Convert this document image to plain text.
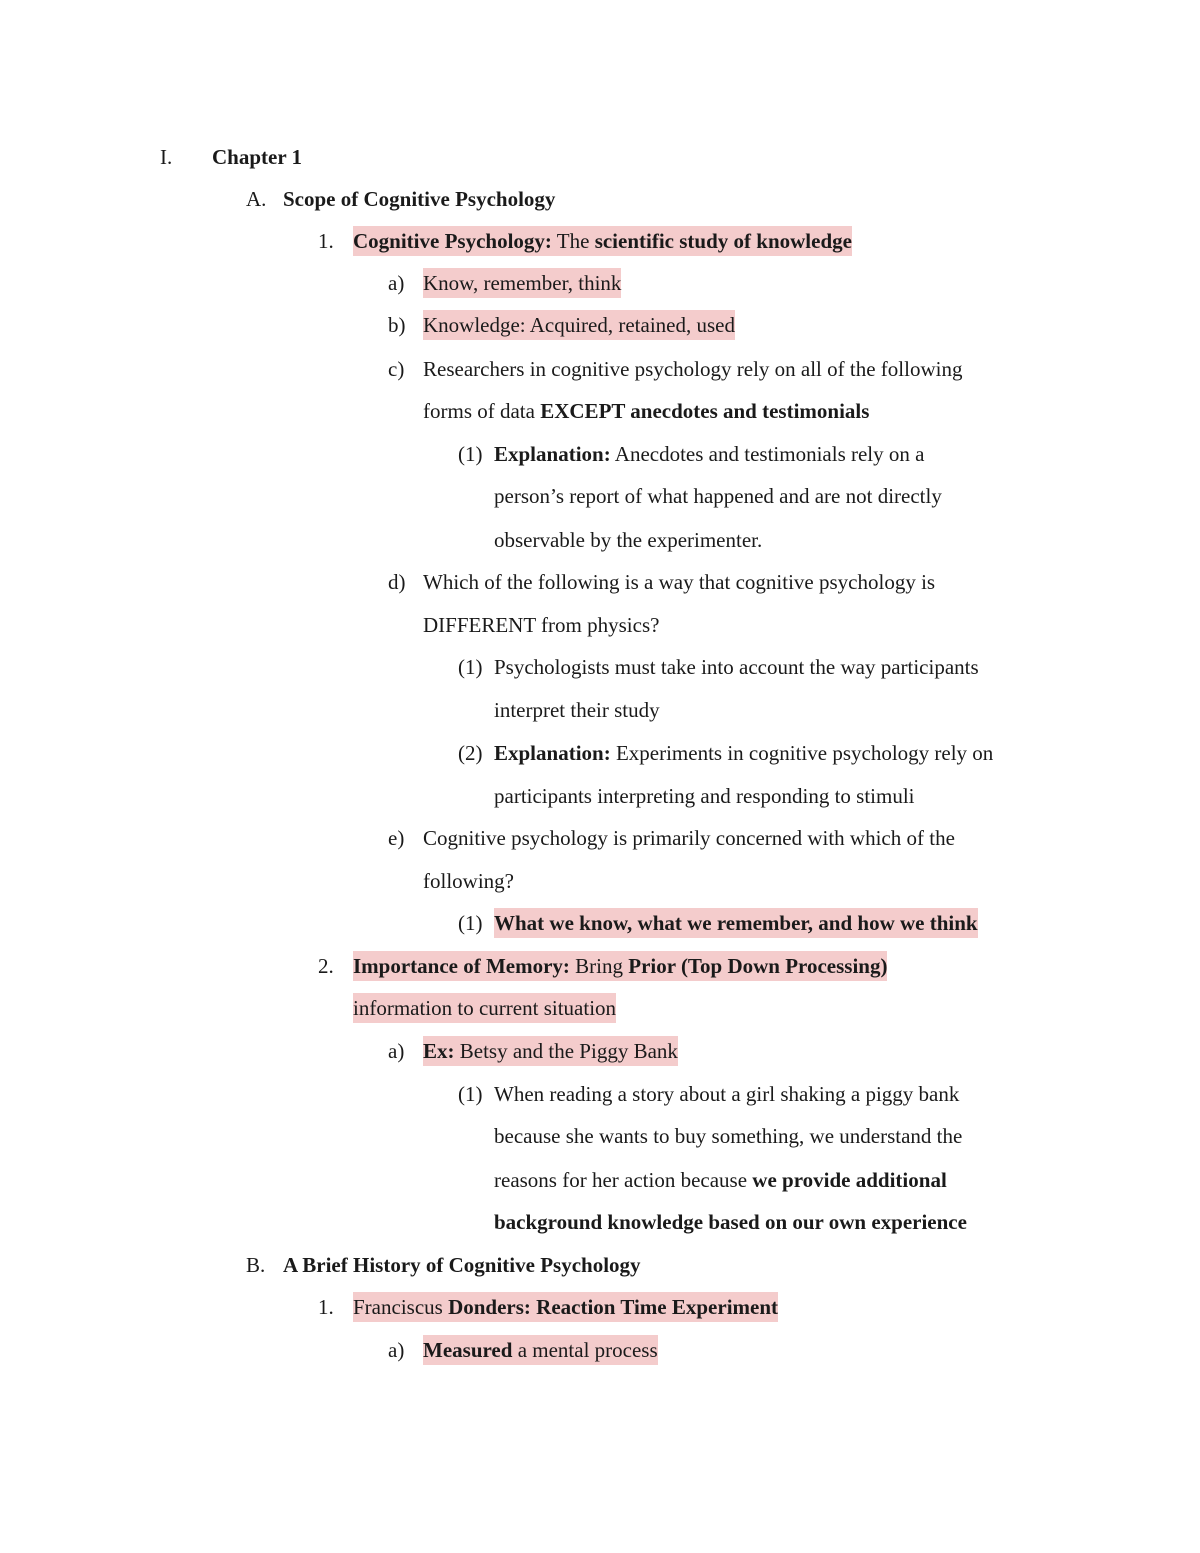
I. Chapter 1
A. Scope of Cognitive Psychology
1. Cognitive Psychology: The scientific study of knowledge
a) Know, remember, think
b) Knowledge: Acquired, retained, used
c) Researchers in cognitive psychology rely on all of the following
forms of data EXCEPT anecdotes and testimonials
(1) Explanation: Anecdotes and testimonials rely on a
person’s report of what happened and are not directly
observable by the experimenter.
d) Which of the following is a way that cognitive psychology is
DIFFERENT from physics?
(1) Psychologists must take into account the way participants
interpret their study
(2) Explanation: Experiments in cognitive psychology rely on
participants interpreting and responding to stimuli
e) Cognitive psychology is primarily concerned with which of the
following?
(1) What we know, what we remember, and how we think
2. Importance of Memory: Bring Prior (Top Down Processing)
information to current situation
a) Ex: Betsy and the Piggy Bank
(1) When reading a story about a girl shaking a piggy bank
because she wants to buy something, we understand the
reasons for her action because we provide additional
background knowledge based on our own experience
B. A Brief History of Cognitive Psychology
1. Franciscus Donders: Reaction Time Experiment
a) Measured a mental process
